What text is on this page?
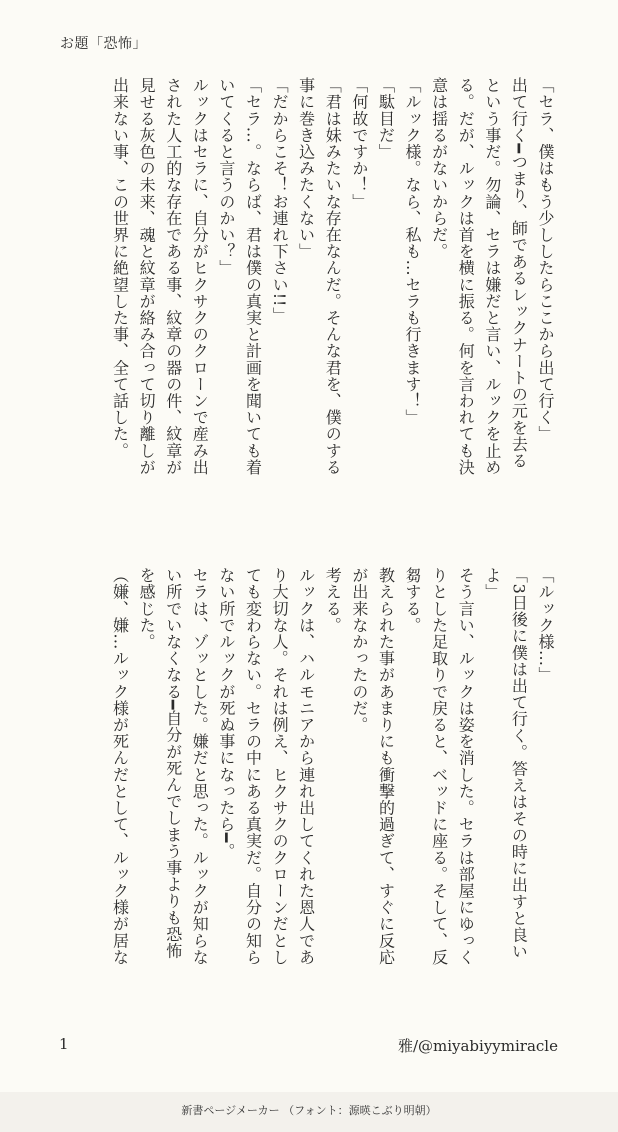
お題「恐怖」

「セラ、僕はもう少ししたらここから出て行く」

出て行く━つまり、師であるレックナートの元を去る

という事だ。勿論、セラは嫌だと言い、ルックを止め

る。だが、ルックは首を横に振る。何を言われても決

意は揺るがないからだ。

「ルック様。なら、私も…セラも行きます！」

「駄目だ」

「何故ですか！」

「君は妹みたいな存在なんだ。そんな君を、僕のする

事に巻き込みたくない」

「だからこそ！お連れ下さい!!」

「セラ…。ならば、君は僕の真実と計画を聞いても着

いてくると言うのかい？」

ルックはセラに、自分がヒクサクのクローンで産み出

された人工的な存在である事、紋章の器の件、紋章が

見せる灰色の未来、魂と紋章が絡み合って切り離しが

出来ない事、この世界に絶望した事、全て話した。

「ルック様…」

「3日後に僕は出て行く。答えはその時に出すと良い

よ」

そう言い、ルックは姿を消した。セラは部屋にゆっく

りとした足取りで戻ると、ベッドに座る。そして、反

芻する。

教えられた事があまりにも衝撃的過ぎて、すぐに反応

が出来なかったのだ。

考える。

ルックは、ハルモニアから連れ出してくれた恩人であ

り大切な人。それは例え、ヒクサクのクローンだとし

ても変わらない。セラの中にある真実だ。自分の知ら

ない所でルックが死ぬ事になったら━。

セラは、ゾッとした。嫌だと思った。ルックが知らな

い所でいなくなる━自分が死んでしまう事よりも恐怖

を感じた。

（嫌、嫌…ルック様が死んだとして、ルック様が居な

1	雅/@miyabiyymiracle
新書ページメーカー （フォント：源暎こぶり明朝）
